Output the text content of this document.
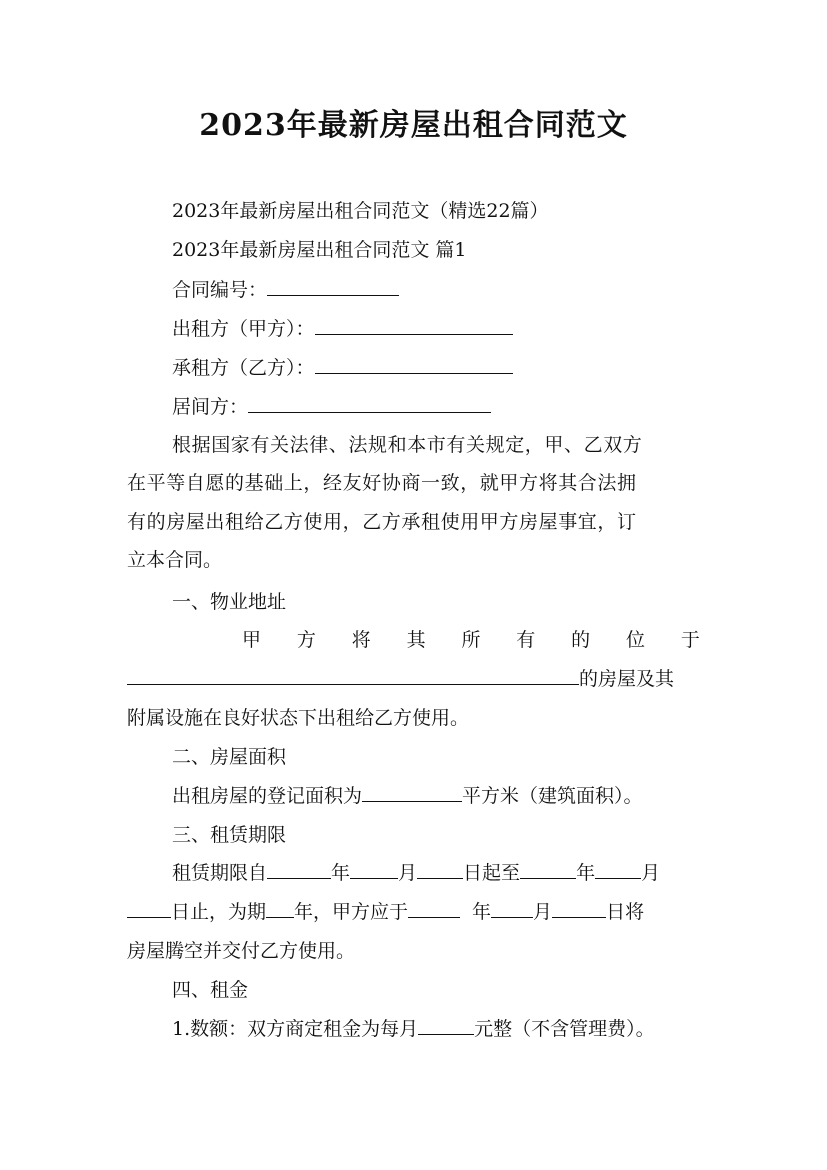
2023年最新房屋出租合同范文
2023年最新房屋出租合同范文（精选22篇）
2023年最新房屋出租合同范文 篇1
合同编号：
出租方（甲方）：
承租方（乙方）：
居间方：
根据国家有关法律、法规和本市有关规定，甲、乙双方
在平等自愿的基础上，经友好协商一致，就甲方将其合法拥
有的房屋出租给乙方使用，乙方承租使用甲方房屋事宜，订
立本合同。
一、物业地址
甲 方 将 其 所 有 的 位 于
的房屋及其
附属设施在良好状态下出租给乙方使用。
二、房屋面积
出租房屋的登记面积为	平方米（建筑面积）。
三、租赁期限
租赁期限自	年	月 日起至	年 月
日止，为期 年，甲方应于	年 月	日将
房屋腾空并交付乙方使用。
四、租金
1.数额：双方商定租金为每月	元整（不含管理费）。
